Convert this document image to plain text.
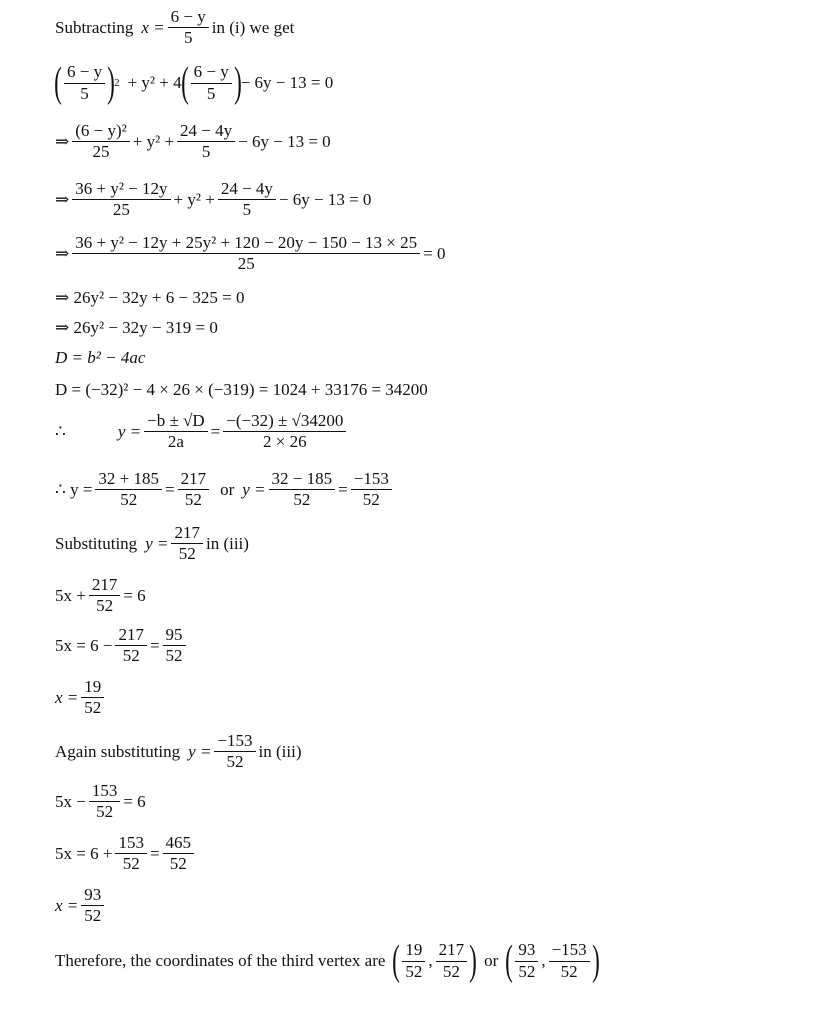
Subtracting $x = \frac{6 - y}{5}$ in (i) we get
( $\frac{6 - y}{5}$ ) 2 + y² + 4 ( $\frac{6 - y}{5}$ ) − 6y − 13 = 0
⇒ $\frac{\text{(6 − y)²}}{25} + y^2 + \frac{24 - 4y}{5} - 6y - 13 = 0$
⇒ $\frac{\text{36 + y² − 12y}}{25} + y^2 + \frac{24 - 4y}{5} - 6y - 13 = 0$
⇒ $\frac{\text{36 + y² − 12y + 25y² + 120 − 20y − 150 − 13 × 25}}{25} = 0$
⇒ 26y² − 32y + 6 − 325 = 0
⇒ 26y² − 32y − 319 = 0
D = b² − 4ac
D = (−32)² − 4 × 26 × (−319) = 1024 + 33176 = 34200
∴	$y = \frac{-b \pm √D}{2a} = \frac{-(-32) \pm √34200}{2 \times 26}$
∴ $y = \frac{32 + 185}{52} = \frac{217}{52}$ or $y = \frac{32 - 185}{52} = \frac{-153}{52}$
Substituting $y = \frac{217}{52}$ in (iii)
$5x + \frac{217}{52} = 6$
$5x = 6 - \frac{217}{52} = \frac{95}{52}$
$x = \frac{19}{52}$
Again substituting $y = \frac{-153}{52}$ in (iii)
$5x - \frac{153}{52} = 6$
$5x = 6 + \frac{153}{52} = \frac{465}{52}$
$x = \frac{93}{52}$
Therefore, the coordinates of the third vertex are ( $\frac{19}{52}$ , $\frac{217}{52}$ ) or ( $\frac{93}{52}$ , $\frac{-153}{52}$ )
